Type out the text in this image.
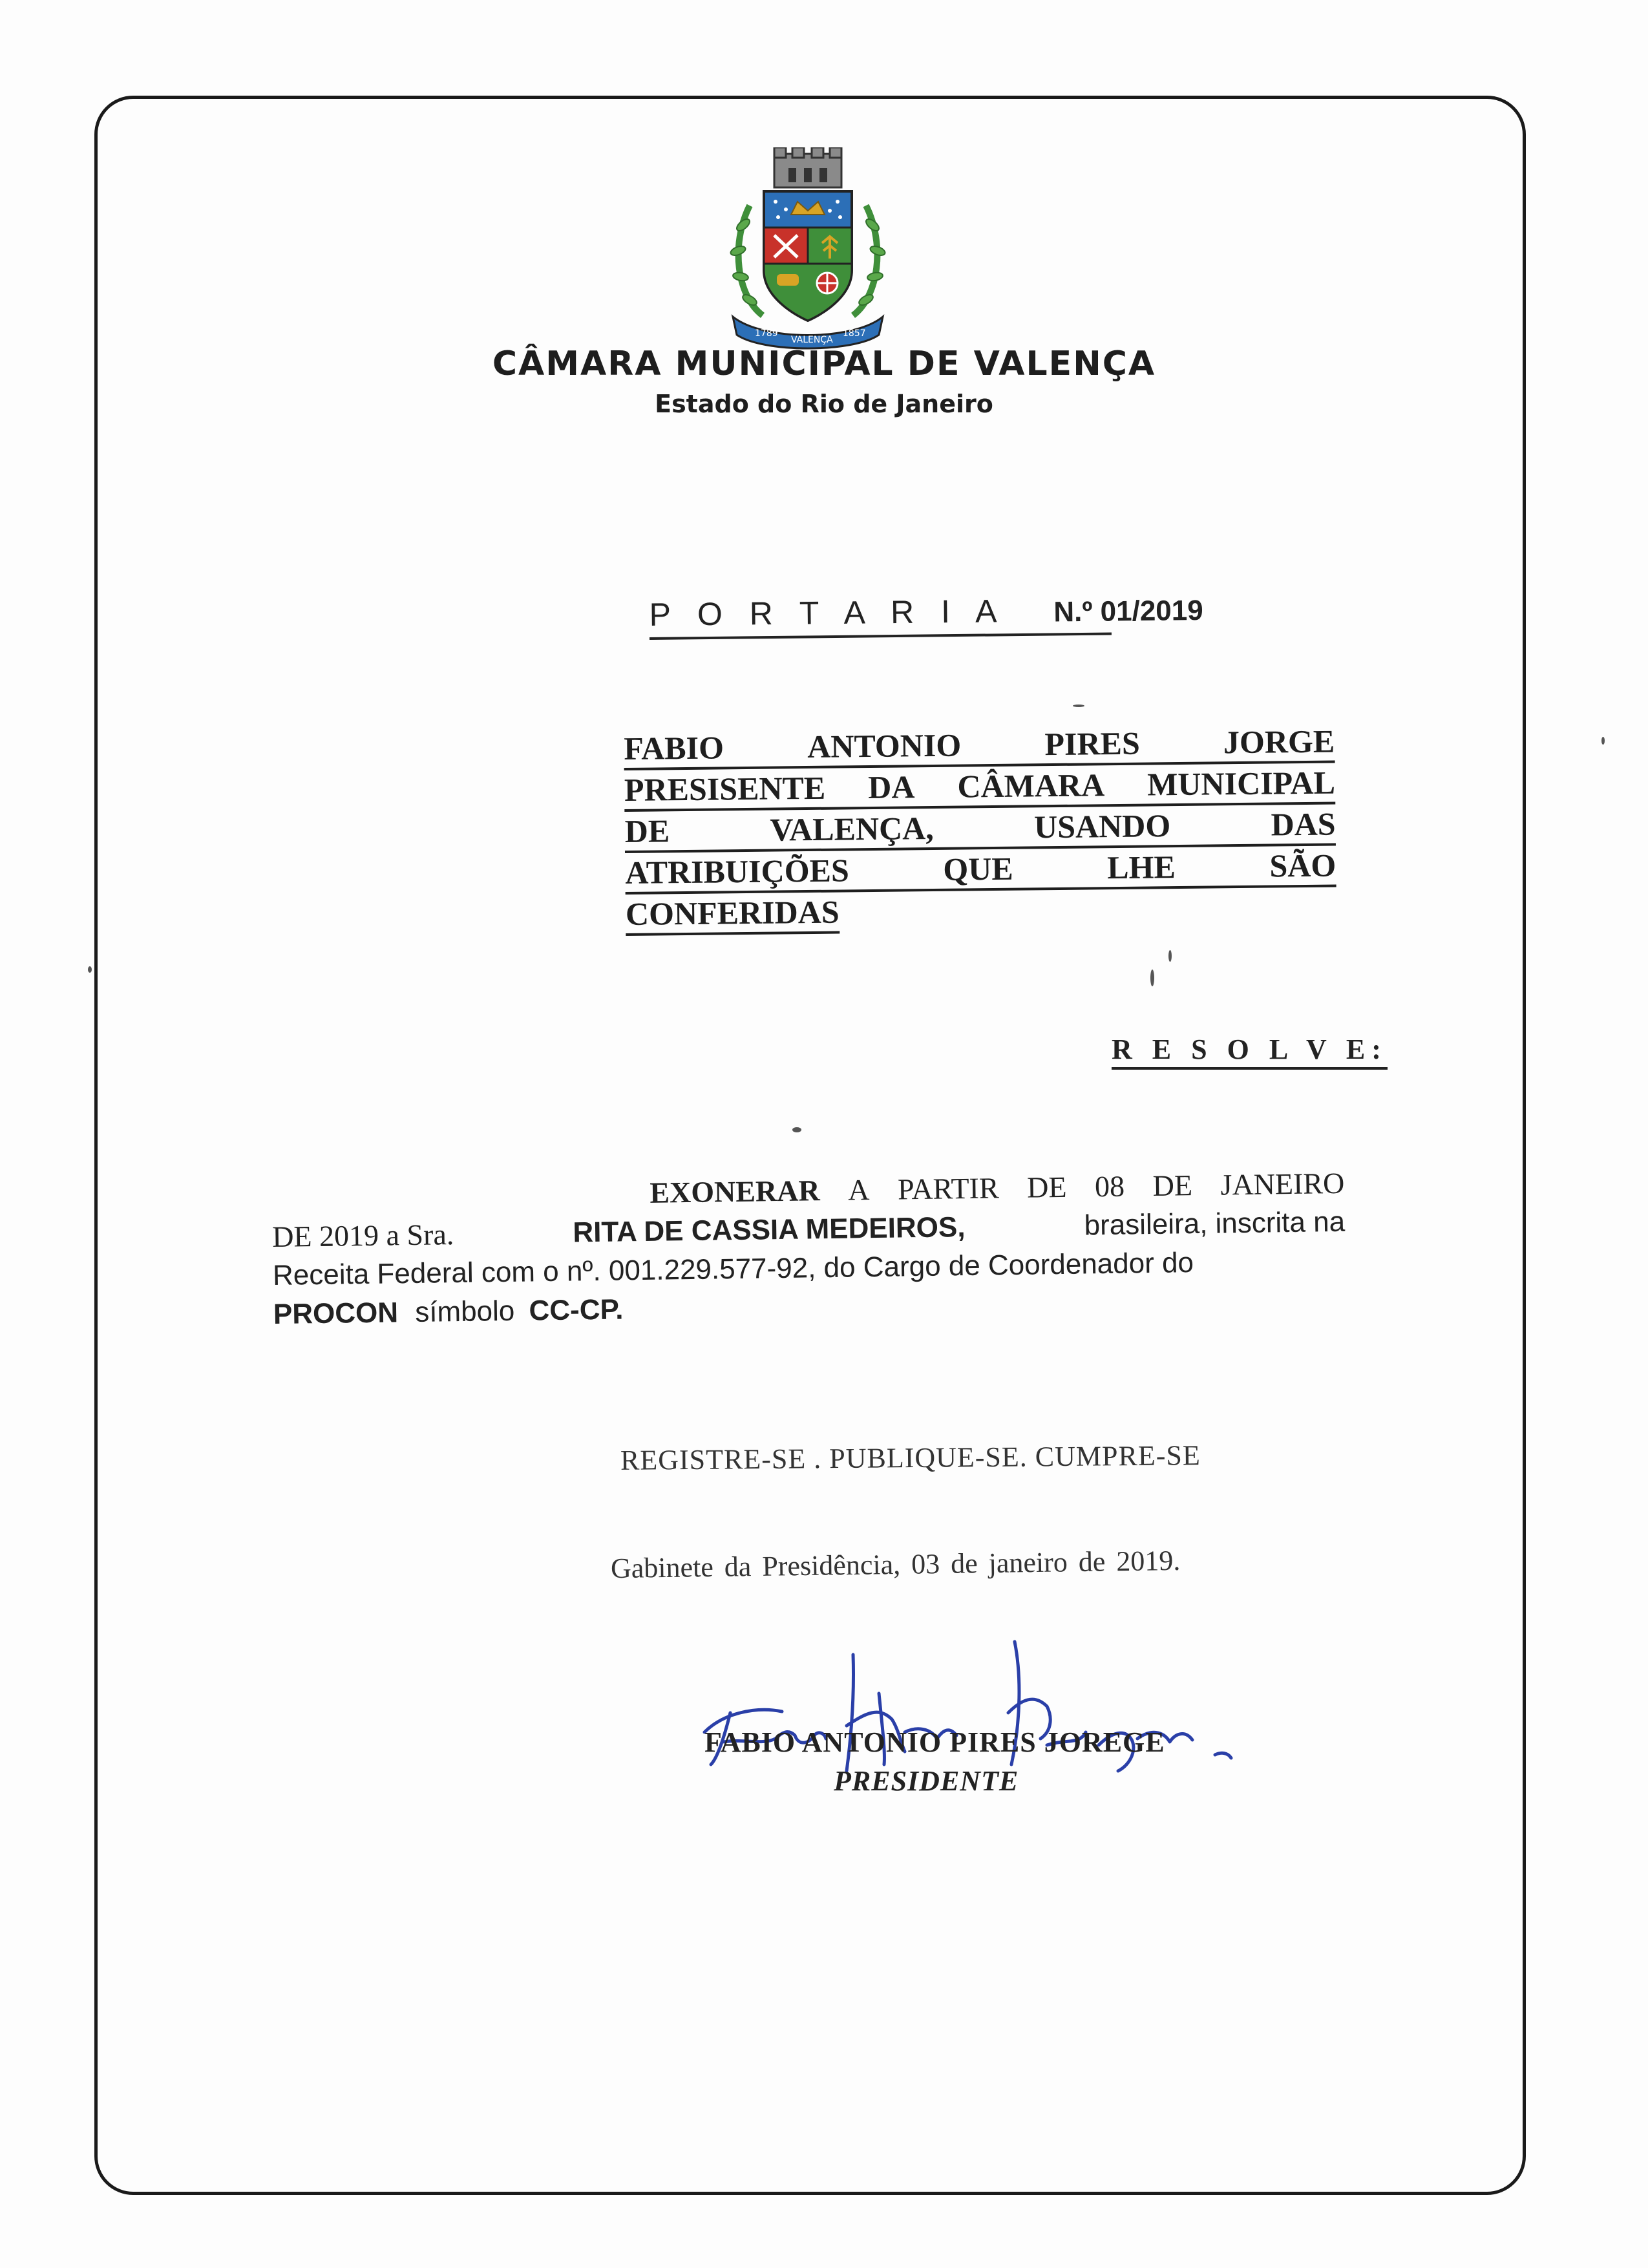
1789
VALENÇA
1857
CÂMARA MUNICIPAL DE VALENÇA
Estado do Rio de Janeiro
P O R T A R I A N.º 01/2019
FABIO	ANTONIO	PIRES	JORGE
PRESISENTE DA CÂMARA MUNICIPAL
DE	VALENÇA,	USANDO	DAS
ATRIBUIÇÕES	QUE	LHE	SÃO
CONFERIDAS
R E S O L V E:
EXONERAR A PARTIR DE 08 DE JANEIRO
DE 2019 a Sra.	RITA DE CASSIA MEDEIROS,	brasileira, inscrita na
Receita Federal com o nº. 001.229.577-92, do Cargo de Coordenador do
PROCON símbolo CC-CP.
REGISTRE-SE . PUBLIQUE-SE. CUMPRE-SE
Gabinete da Presidência, 03 de janeiro de 2019.
FABIO ANTONIO PIRES JOREGE
PRESIDENTE
